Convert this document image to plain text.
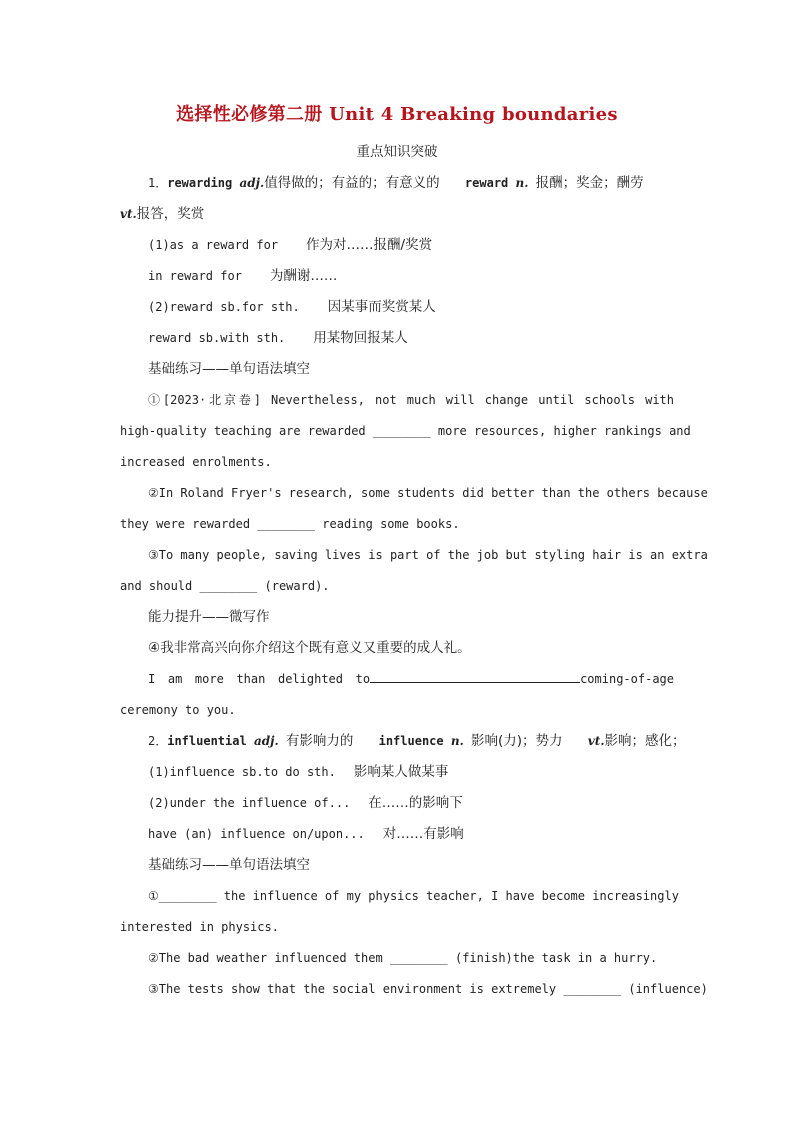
选择性必修第二册 Unit 4 Breaking boundaries
重点知识突破
1．rewarding adj.值得做的；有益的；有意义的 reward n. 报酬；奖金；酬劳
vt.报答，奖赏
(1)as a reward for 作为对……报酬/奖赏
in reward for 为酬谢……
(2)reward sb.for sth. 因某事而奖赏某人
reward sb.with sth. 用某物回报某人
基础练习——单句语法填空
①[2023·北京卷] Nevertheless, not much will change until schools with
high-quality teaching are rewarded ________ more resources, higher rankings and
increased enrolments.
②In Roland Fryer's research, some students did better than the others because
they were rewarded ________ reading some books.
③To many people, saving lives is part of the job but styling hair is an extra
and should ________ (reward).
能力提升——微写作
④我非常高兴向你介绍这个既有意义又重要的成人礼。
I am more than delighted to	coming-of-age
ceremony to you.
2．influential adj. 有影响力的 influence n. 影响(力)；势力 vt.影响；感化；
(1)influence sb.to do sth. 影响某人做某事
(2)under the influence of... 在……的影响下
have (an) influence on/upon... 对……有影响
基础练习——单句语法填空
①________ the influence of my physics teacher, I have become increasingly
interested in physics.
②The bad weather influenced them ________ (finish)the task in a hurry.
③The tests show that the social environment is extremely ________ (influence)
